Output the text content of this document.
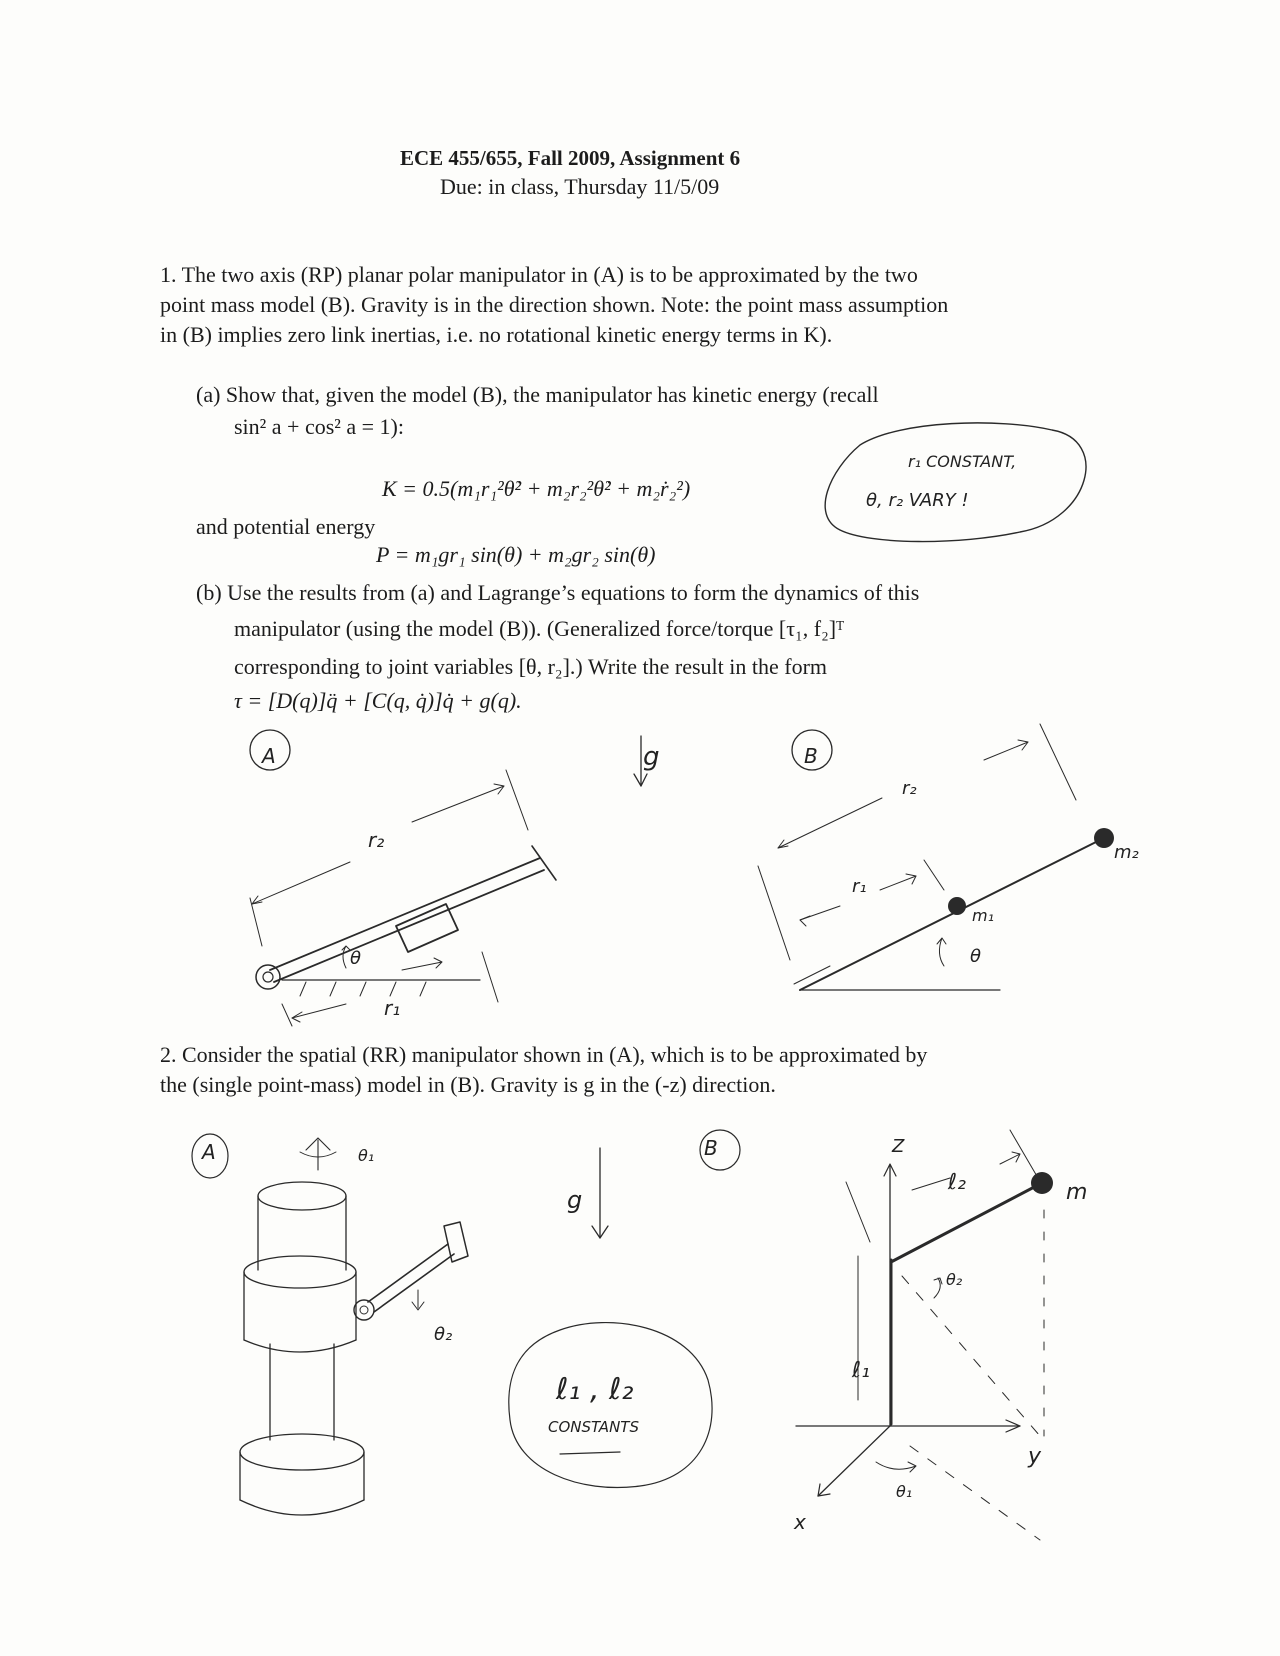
ECE 455/655, Fall 2009, Assignment 6
Due: in class, Thursday 11/5/09
1. The two axis (RP) planar polar manipulator in (A) is to be approximated by the two
point mass model (B). Gravity is in the direction shown. Note: the point mass assumption
in (B) implies zero link inertias, i.e. no rotational kinetic energy terms in K).
(a) Show that, given the model (B), the manipulator has kinetic energy (recall
sin² a + cos² a = 1):
K = 0.5(m₁r₁²θ̇² + m₂r₂²θ̇² + m₂ṙ₂²)
and potential energy
P = m₁gr₁ sin(θ) + m₂gr₂ sin(θ)
(b) Use the results from (a) and Lagrange’s equations to form the dynamics of this
manipulator (using the model (B)). (Generalized force/torque [τ₁, f₂]ᵀ
corresponding to joint variables [θ, r₂].) Write the result in the form
τ = [D(q)]q̈ + [C(q, q̇)]q̇ + g(q).
r₁ CONSTANT,
θ, r₂ VARY !
A	g	B
r₂
θ
r₁
r₂
r₁
θ
m₁
m₂
2. Consider the spatial (RR) manipulator shown in (A), which is to be approximated by
the (single point-mass) model in (B). Gravity is g in the (-z) direction.
A	B
θ₁
θ₂
g
ℓ₁ , ℓ₂
CONSTANTS
Z
y
x
ℓ₁
ℓ₂	m
θ₂
θ₁
